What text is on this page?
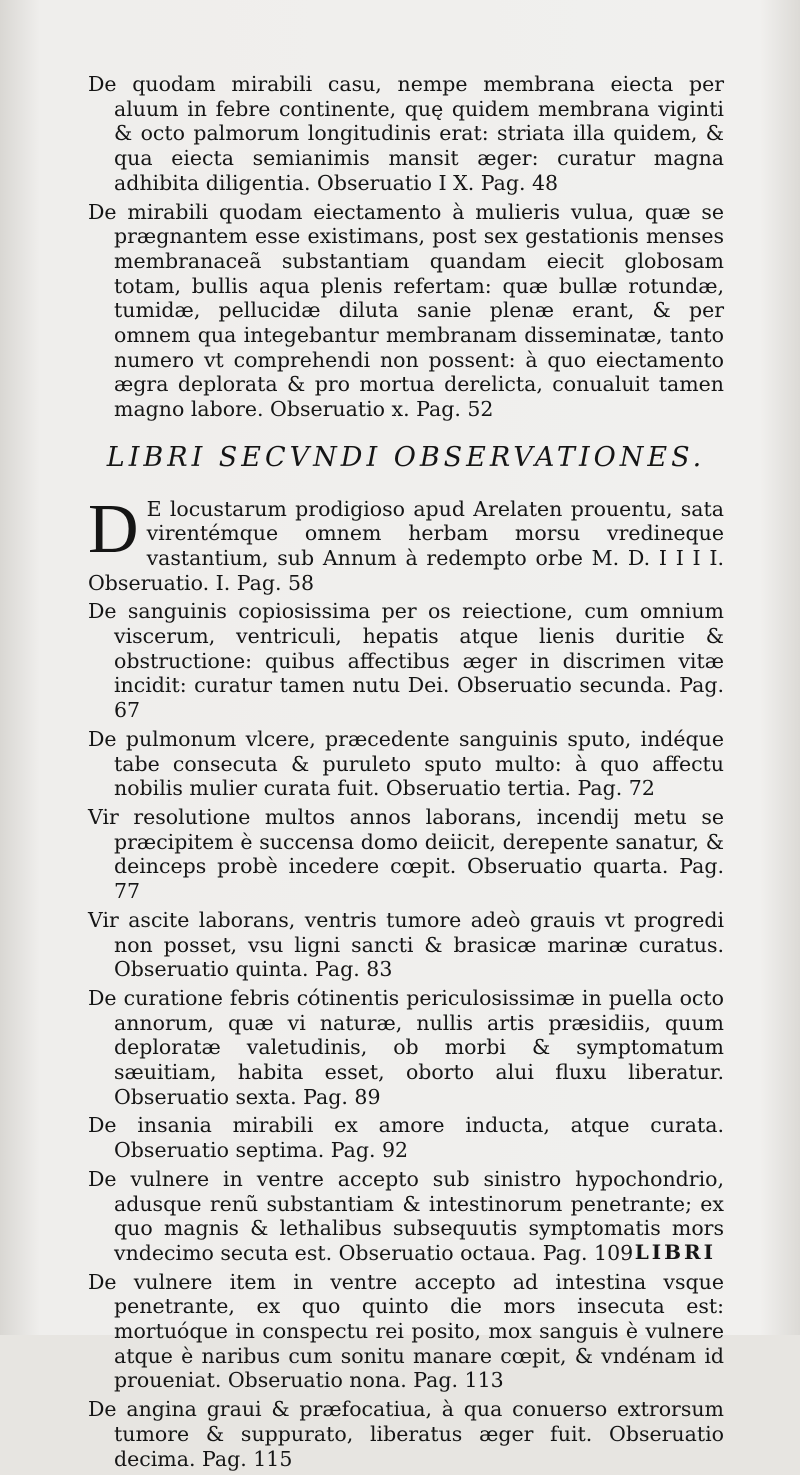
De quodam mirabili casu, nempe membrana eiecta per aluum in febre continente, quę quidem membrana viginti & octo palmorum longitudinis erat: striata illa quidem, & qua eiecta semianimis mansit æger: curatur magna adhibita diligentia. Obseruatio I X. Pag. 48

De mirabili quodam eiectamento à mulieris vulua, quæ se prægnantem esse existimans, post sex gestationis menses membranaceã substantiam quandam eiecit globosam totam, bullis aqua plenis refertam: quæ bullæ rotundæ, tumidæ, pellucidæ diluta sanie plenæ erant, & per omnem qua integebantur membranam disseminatæ, tanto numero vt comprehendi non possent: à quo eiectamento ægra deplorata & pro mortua derelicta, conualuit tamen magno labore. Obseruatio x. Pag. 52

LIBRI SECVNDI OBSERVATIONES.
D E locustarum prodigioso apud Arelaten prouentu, sata virentémque omnem herbam morsu vredineque vastantium, sub Annum à redempto orbe M. D. I I I I. Obseruatio. I. Pag. 58

De sanguinis copiosissima per os reiectione, cum omnium viscerum, ventriculi, hepatis atque lienis duritie & obstructione: quibus affectibus æger in discrimen vitæ incidit: curatur tamen nutu Dei. Obseruatio secunda. Pag. 67

De pulmonum vlcere, præcedente sanguinis sputo, indéque tabe consecuta & puruleto sputo multo: à quo affectu nobilis mulier curata fuit. Obseruatio tertia. Pag. 72

Vir resolutione multos annos laborans, incendij metu se præcipitem è succensa domo deiicit, derepente sanatur, & deinceps probè incedere cœpit. Obseruatio quarta. Pag. 77

Vir ascite laborans, ventris tumore adeò grauis vt progredi non posset, vsu ligni sancti & brasicæ marinæ curatus. Obseruatio quinta. Pag. 83

De curatione febris cótinentis periculosissimæ in puella octo annorum, quæ vi naturæ, nullis artis præsidiis, quum deploratæ valetudinis, ob morbi & symptomatum sæuitiam, habita esset, oborto alui fluxu liberatur. Obseruatio sexta. Pag. 89

De insania mirabili ex amore inducta, atque curata. Obseruatio septima. Pag. 92

De vulnere in ventre accepto sub sinistro hypochondrio, adusque renũ substantiam & intestinorum penetrante; ex quo magnis & lethalibus subsequutis symptomatis mors vndecimo secuta est. Obseruatio octaua. Pag. 109

De vulnere item in ventre accepto ad intestina vsque penetrante, ex quo quinto die mors insecuta est: mortuóque in conspectu rei posito, mox sanguis è vulnere atque è naribus cum sonitu manare cœpit, & vndénam id proueniat. Obseruatio nona. Pag. 113

De angina graui & præfocatiua, à qua conuerso extrorsum tumore & suppurato, liberatus æger fuit. Obseruatio decima. Pag. 115

LIBRI
